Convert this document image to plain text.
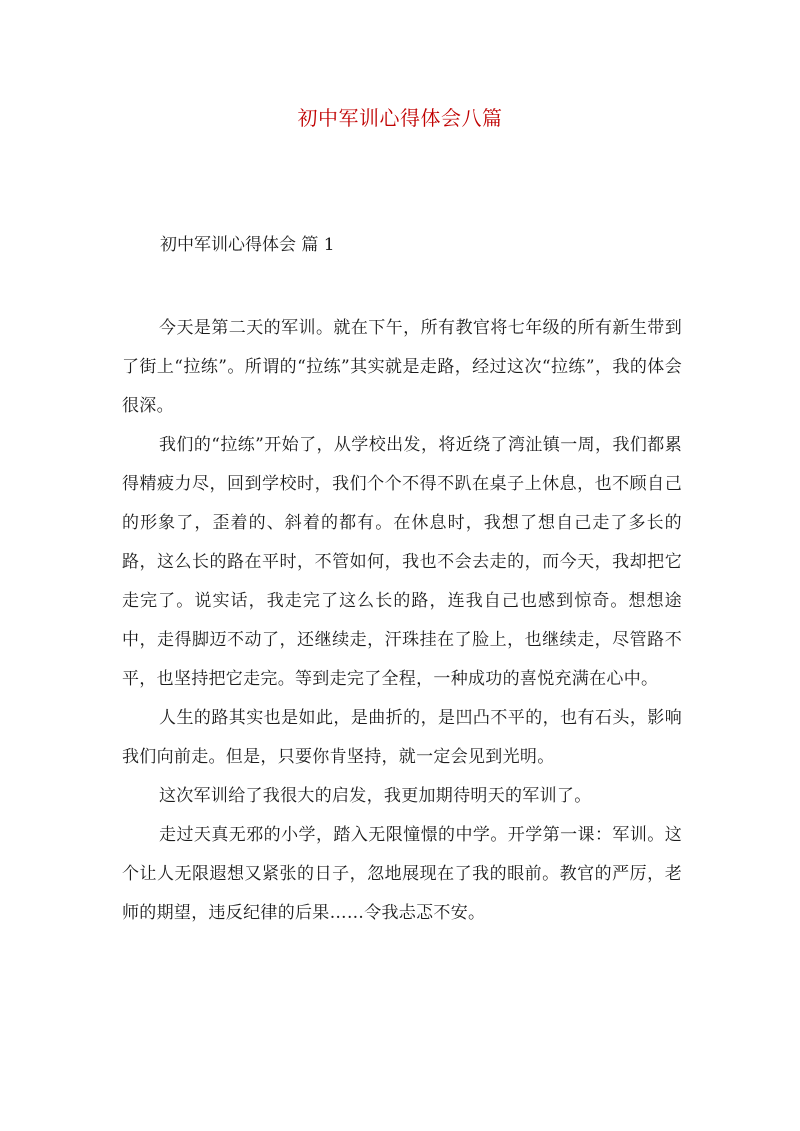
初中军训心得体会八篇
初中军训心得体会 篇 1

今天是第二天的军训。就在下午，所有教官将七年级的所有新生带到了街上“拉练”。所谓的“拉练”其实就是走路，经过这次“拉练”，我的体会很深。

我们的“拉练”开始了，从学校出发，将近绕了湾沚镇一周，我们都累得精疲力尽，回到学校时，我们个个不得不趴在桌子上休息，也不顾自己的形象了，歪着的、斜着的都有。在休息时，我想了想自己走了多长的路，这么长的路在平时，不管如何，我也不会去走的，而今天，我却把它走完了。说实话，我走完了这么长的路，连我自己也感到惊奇。想想途中，走得脚迈不动了，还继续走，汗珠挂在了脸上，也继续走，尽管路不平，也坚持把它走完。等到走完了全程，一种成功的喜悦充满在心中。

人生的路其实也是如此，是曲折的，是凹凸不平的，也有石头，影响我们向前走。但是，只要你肯坚持，就一定会见到光明。

这次军训给了我很大的启发，我更加期待明天的军训了。

走过天真无邪的小学，踏入无限憧憬的中学。开学第一课：军训。这个让人无限遐想又紧张的日子，忽地展现在了我的眼前。教官的严厉，老师的期望，违反纪律的后果……令我忐忑不安。
